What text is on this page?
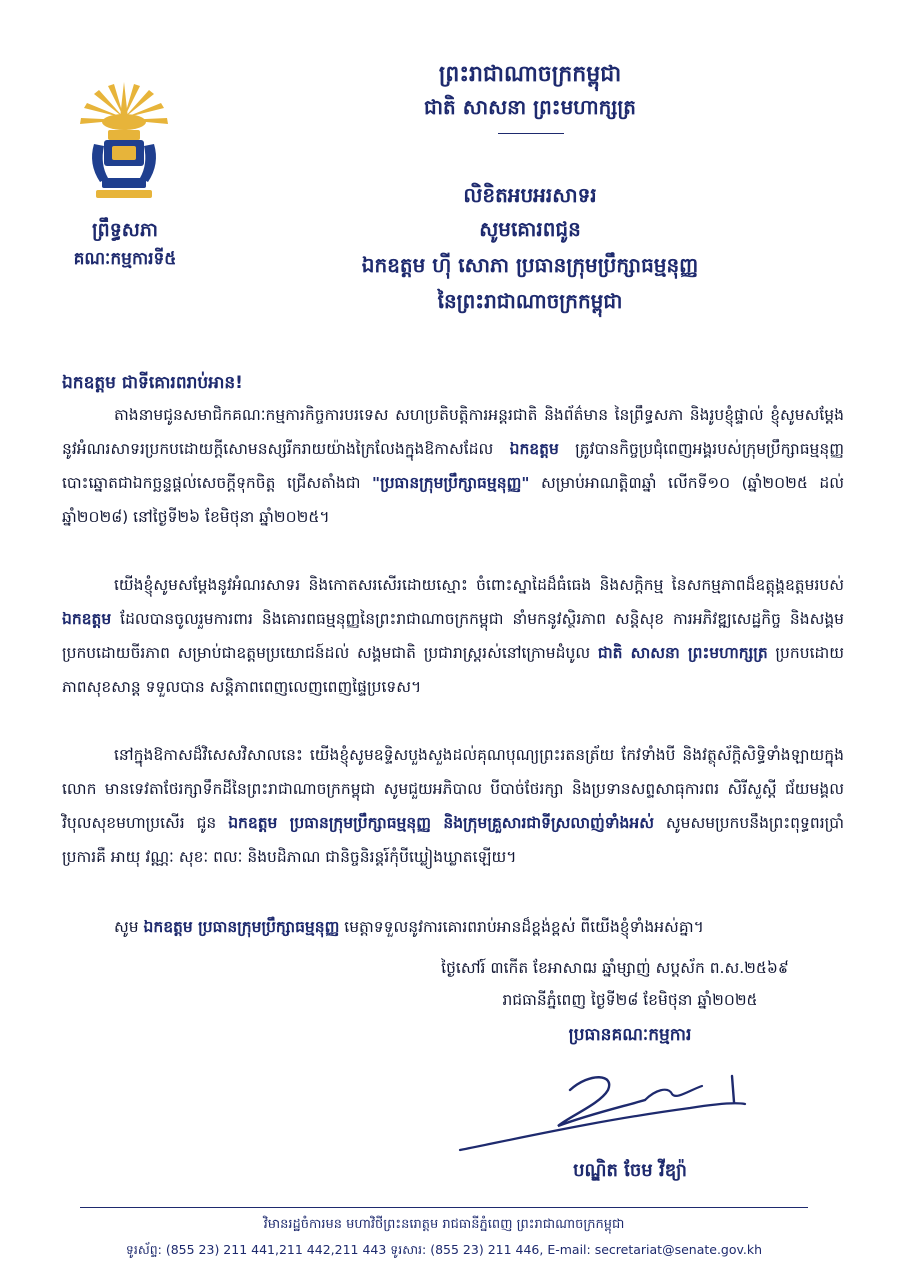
ព្រឹទ្ធសភា
គណៈកម្មការទី៥
ព្រះរាជាណាចក្រកម្ពុជា
ជាតិ សាសនា ព្រះមហាក្សត្រ
លិខិតអបអរសាទរ
សូមគោរពជូន
ឯកឧត្តម ហ៊ី សោភា ប្រធានក្រុមប្រឹក្សាធម្មនុញ្ញ
នៃព្រះរាជាណាចក្រកម្ពុជា
ឯកឧត្តម ជាទីគោរពរាប់អាន!
តាងនាមជូនសមាជិកគណៈកម្មការកិច្ចការបរទេស សហប្រតិបត្តិការអន្តរជាតិ និងព័ត៌មាន នៃព្រឹទ្ធសភា និងរូបខ្ញុំផ្ទាល់ ខ្ញុំសូមសម្ដែងនូវអំណរសាទរប្រកបដោយក្ដីសោមនស្សរីករាយយ៉ាងក្រៃលែងក្នុងឱកាសដែល ឯកឧត្តម ត្រូវបានកិច្ចប្រជុំពេញអង្គរបស់ក្រុមប្រឹក្សាធម្មនុញ្ញបោះឆ្នោតជាឯកច្ឆន្ទផ្ដល់សេចក្ដីទុកចិត្ត ជ្រើសតាំងជា "ប្រធានក្រុមប្រឹក្សាធម្មនុញ្ញ" សម្រាប់អាណត្តិ៣ឆ្នាំ លើកទី១០ (ឆ្នាំ២០២៥ ដល់ ឆ្នាំ២០២៨) នៅថ្ងៃទី២៦ ខែមិថុនា ឆ្នាំ២០២៥។
យើងខ្ញុំសូមសម្ដែងនូវអំណរសាទរ និងកោតសរសើរដោយស្មោះ ចំពោះស្នាដៃដ៏ធំធេង និងសក្ដិកម្ម នៃសកម្មភាពដ៏ឧត្ដុង្គឧត្ដមរបស់ ឯកឧត្តម ដែលបានចូលរួមការពារ និងគោរពធម្មនុញ្ញនៃព្រះរាជាណាចក្រកម្ពុជា នាំមកនូវស្ថិរភាព សន្តិសុខ ការអភិវឌ្ឍសេដ្ឋកិច្ច និងសង្គមប្រកបដោយចីរភាព សម្រាប់ជាឧត្តមប្រយោជន៍ដល់ សង្គមជាតិ ប្រជារាស្ដ្ររស់នៅក្រោមដំបូល ជាតិ សាសនា ព្រះមហាក្សត្រ ប្រកបដោយភាពសុខសាន្ត ទទួលបាន សន្តិភាពពេញលេញពេញផ្ទៃប្រទេស។
នៅក្នុងឱកាសដ៏វិសេសវិសាលនេះ យើងខ្ញុំសូមឧទ្ទិសបួងសួងដល់គុណបុណ្យព្រះរតនត្រ័យ កែវទាំងបី និងវត្ថុស័ក្តិសិទ្ធិទាំងឡាយក្នុងលោក មានទេវតាថែរក្សាទឹកដីនៃព្រះរាជាណាចក្រកម្ពុជា សូមជួយអភិបាល បីបាច់ថែរក្សា និងប្រទានសព្ទសាធុការពរ សិរីសួស្ដី ជ័យមង្គល វិបុលសុខមហាប្រសើរ ជូន ឯកឧត្តម ប្រធានក្រុមប្រឹក្សាធម្មនុញ្ញ និងក្រុមគ្រួសារជាទីស្រលាញ់ទាំងអស់ សូមសមប្រកបនឹងព្រះពុទ្ធពរប្រាំប្រការគឺ អាយុ វណ្ណៈ សុខៈ ពលៈ និងបដិភាណ ជានិច្ចនិរន្តរ៍កុំបីឃ្លៀងឃ្លាតឡើយ។
សូម ឯកឧត្តម ប្រធានក្រុមប្រឹក្សាធម្មនុញ្ញ មេត្តាទទួលនូវការគោរពរាប់អានដ៏ខ្ពង់ខ្ពស់ ពីយើងខ្ញុំទាំងអស់គ្នា។
ថ្ងៃសៅរ៍ ៣កើត ខែអាសាឍ ឆ្នាំម្សាញ់ សប្តស័ក ព.ស.២៥៦៩
រាជធានីភ្នំពេញ ថ្ងៃទី២៨ ខែមិថុនា ឆ្នាំ២០២៥
ប្រធានគណៈកម្មការ
បណ្ឌិត ចែម វីឌ្យ៉ា
វិមានរដ្ឋចំការមន មហាវិថីព្រះនរោត្តម រាជធានីភ្នំពេញ ព្រះរាជាណាចក្រកម្ពុជា
ទូរស័ព្ទ: (855 23) 211 441,211 442,211 443 ទូរសារ: (855 23) 211 446, E-mail: secretariat@senate.gov.kh
